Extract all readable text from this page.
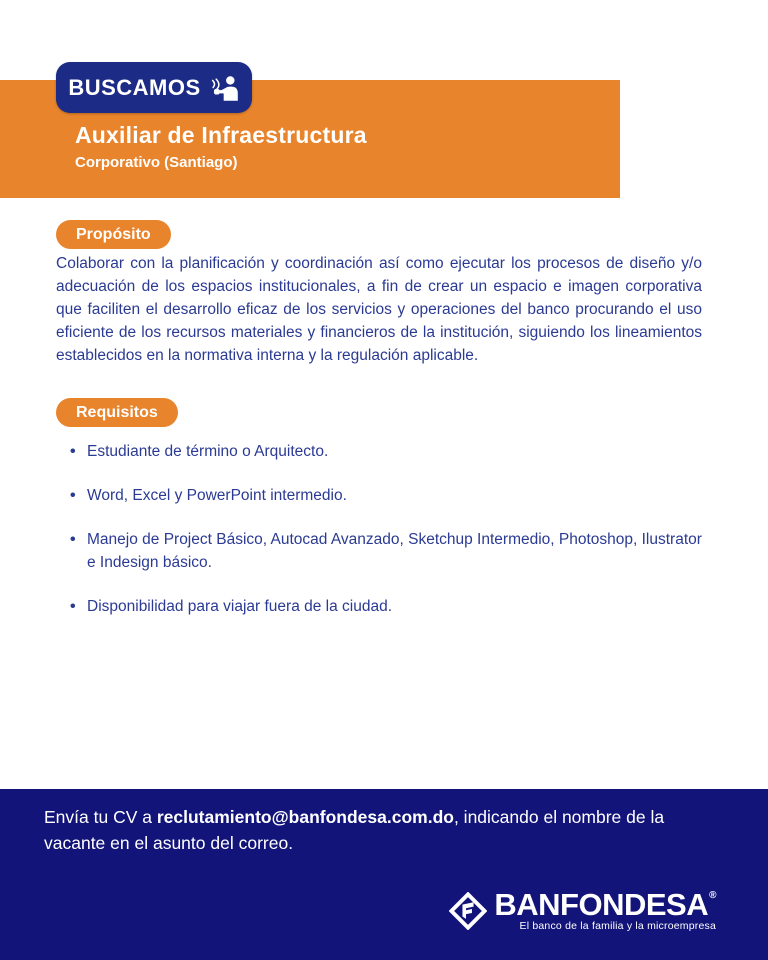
Auxiliar de Infraestructura
Corporativo (Santiago)
BUSCAMOS
Propósito

Colaborar con la planificación y coordinación así como ejecutar los procesos de diseño y/o adecuación de los espacios institucionales, a fin de crear un espacio e imagen corporativa que faciliten el desarrollo eficaz de los servicios y operaciones del banco procurando el uso eficiente de los recursos materiales y financieros de la institución, siguiendo los lineamientos establecidos en la normativa interna y la regulación aplicable.

Requisitos
• Estudiante de término o Arquitecto.
• Word, Excel y PowerPoint intermedio.
• Manejo de Project Básico, Autocad Avanzado, Sketchup Intermedio, Photoshop, Ilustrator e Indesign básico.
• Disponibilidad para viajar fuera de la ciudad.

Envía tu CV a reclutamiento@banfondesa.com.do, indicando el nombre de la vacante en el asunto del correo.

BANFONDESA ®
El banco de la familia y la microempresa
